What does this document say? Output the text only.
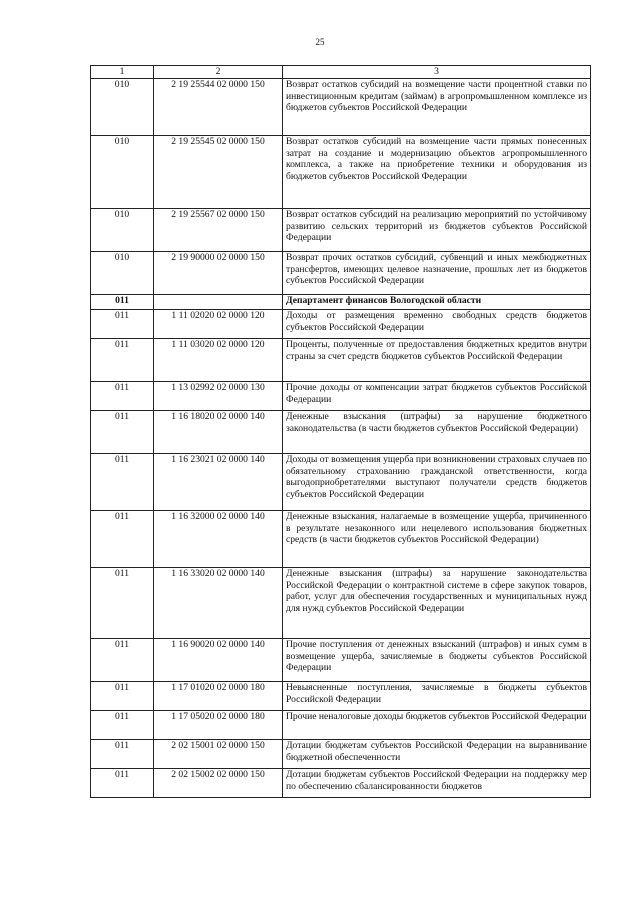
25
1	2	3
010	2 19 25544 02 0000 150	Возврат остатков субсидий на возмещение части процентной ставки по инвестиционным кредитам (займам) в агропромышленном комплексе из бюджетов субъектов Российской Федерации
010	2 19 25545 02 0000 150	Возврат остатков субсидий на возмещение части прямых понесенных затрат на создание и модернизацию объектов агропромышленного комплекса, а также на приобретение техники и оборудования из бюджетов субъектов Российской Федерации
010	2 19 25567 02 0000 150	Возврат остатков субсидий на реализацию мероприятий по устойчивому развитию сельских территорий из бюджетов субъектов Российской Федерации
010	2 19 90000 02 0000 150	Возврат прочих остатков субсидий, субвенций и иных межбюджетных трансфертов, имеющих целевое назначение, прошлых лет из бюджетов субъектов Российской Федерации
011		Департамент финансов Вологодской области
011	1 11 02020 02 0000 120	Доходы от размещения временно свободных средств бюджетов субъектов Российской Федерации
011	1 11 03020 02 0000 120	Проценты, полученные от предоставления бюджетных кредитов внутри страны за счет средств бюджетов субъектов Российской Федерации
011	1 13 02992 02 0000 130	Прочие доходы от компенсации затрат бюджетов субъектов Российской Федерации
011	1 16 18020 02 0000 140	Денежные взыскания (штрафы) за нарушение бюджетного законодательства (в части бюджетов субъектов Российской Федерации)
011	1 16 23021 02 0000 140	Доходы от возмещения ущерба при возникновении страховых случаев по обязательному страхованию гражданской ответственности, когда выгодоприобретателями выступают получатели средств бюджетов субъектов Российской Федерации
011	1 16 32000 02 0000 140	Денежные взыскания, налагаемые в возмещение ущерба, причиненного в результате незаконного или нецелевого использования бюджетных средств (в части бюджетов субъектов Российской Федерации)
011	1 16 33020 02 0000 140	Денежные взыскания (штрафы) за нарушение законодательства Российской Федерации о контрактной системе в сфере закупок товаров, работ, услуг для обеспечения государственных и муниципальных нужд для нужд субъектов Российской Федерации
011	1 16 90020 02 0000 140	Прочие поступления от денежных взысканий (штрафов) и иных сумм в возмещение ущерба, зачисляемые в бюджеты субъектов Российской Федерации
011	1 17 01020 02 0000 180	Невыясненные поступления, зачисляемые в бюджеты субъектов Российской Федерации
011	1 17 05020 02 0000 180	Прочие неналоговые доходы бюджетов субъектов Российской Федерации
011	2 02 15001 02 0000 150	Дотации бюджетам субъектов Российской Федерации на выравнивание бюджетной обеспеченности
011	2 02 15002 02 0000 150	Дотации бюджетам субъектов Российской Федерации на поддержку мер по обеспечению сбалансированности бюджетов
